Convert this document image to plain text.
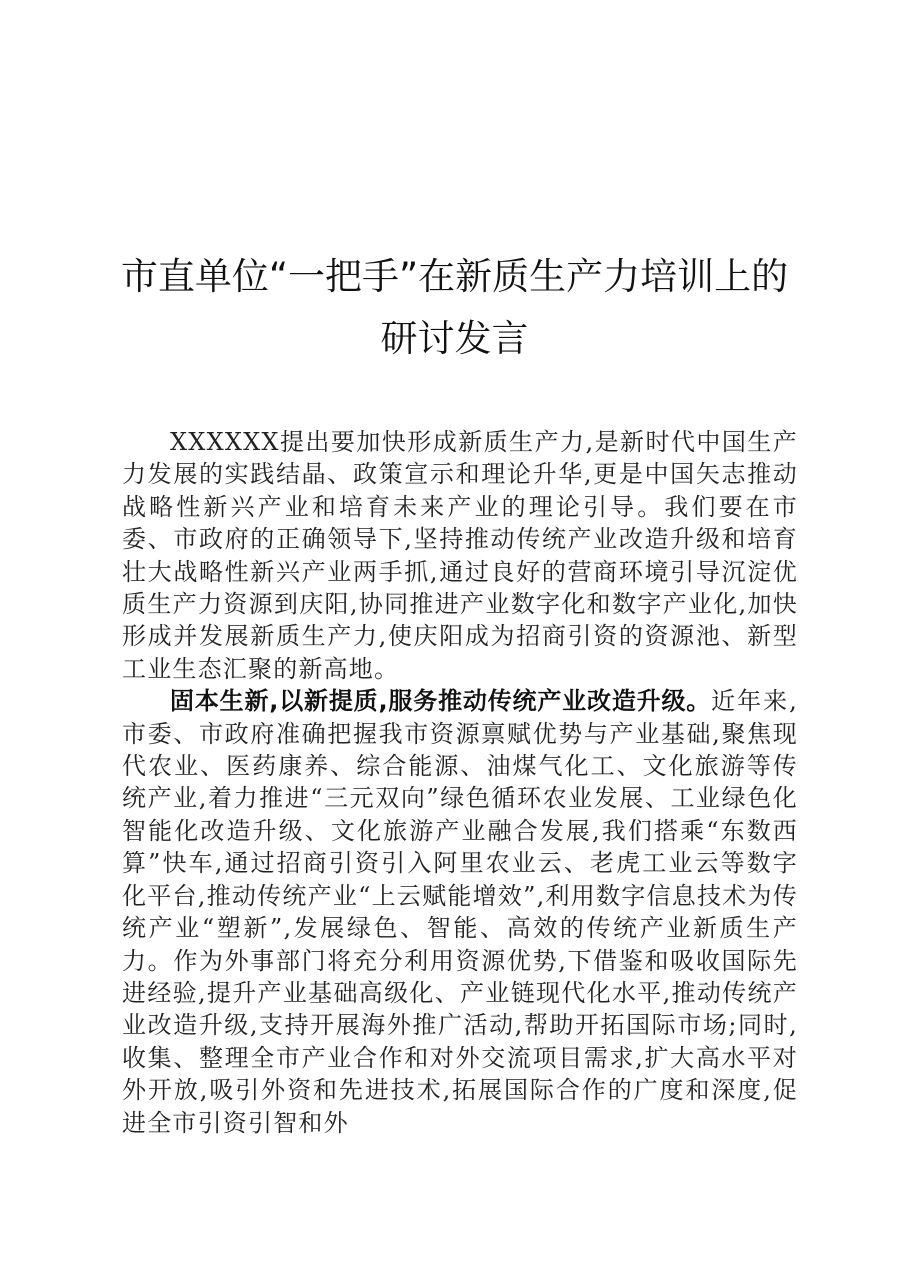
市直单位“一把手”在新质生产力培训上的研讨发言

XXXXXX提出要加快形成新质生产力,是新时代中国生产力发展的实践结晶、政策宣示和理论升华,更是中国矢志推动战略性新兴产业和培育未来产业的理论引导。我们要在市委、市政府的正确领导下,坚持推动传统产业改造升级和培育壮大战略性新兴产业两手抓,通过良好的营商环境引导沉淀优质生产力资源到庆阳,协同推进产业数字化和数字产业化,加快形成并发展新质生产力,使庆阳成为招商引资的资源池、新型工业生态汇聚的新高地。

固本生新,以新提质,服务推动传统产业改造升级。近年来,市委、市政府准确把握我市资源禀赋优势与产业基础,聚焦现代农业、医药康养、综合能源、油煤气化工、文化旅游等传统产业,着力推进“三元双向”绿色循环农业发展、工业绿色化智能化改造升级、文化旅游产业融合发展,我们搭乘“东数西算”快车,通过招商引资引入阿里农业云、老虎工业云等数字化平台,推动传统产业“上云赋能增效”,利用数字信息技术为传统产业“塑新”,发展绿色、智能、高效的传统产业新质生产力。作为外事部门将充分利用资源优势,下借鉴和吸收国际先进经验,提升产业基础高级化、产业链现代化水平,推动传统产业改造升级,支持开展海外推广活动,帮助开拓国际市场;同时,收集、整理全市产业合作和对外交流项目需求,扩大高水平对外开放,吸引外资和先进技术,拓展国际合作的广度和深度,促进全市引资引智和外
